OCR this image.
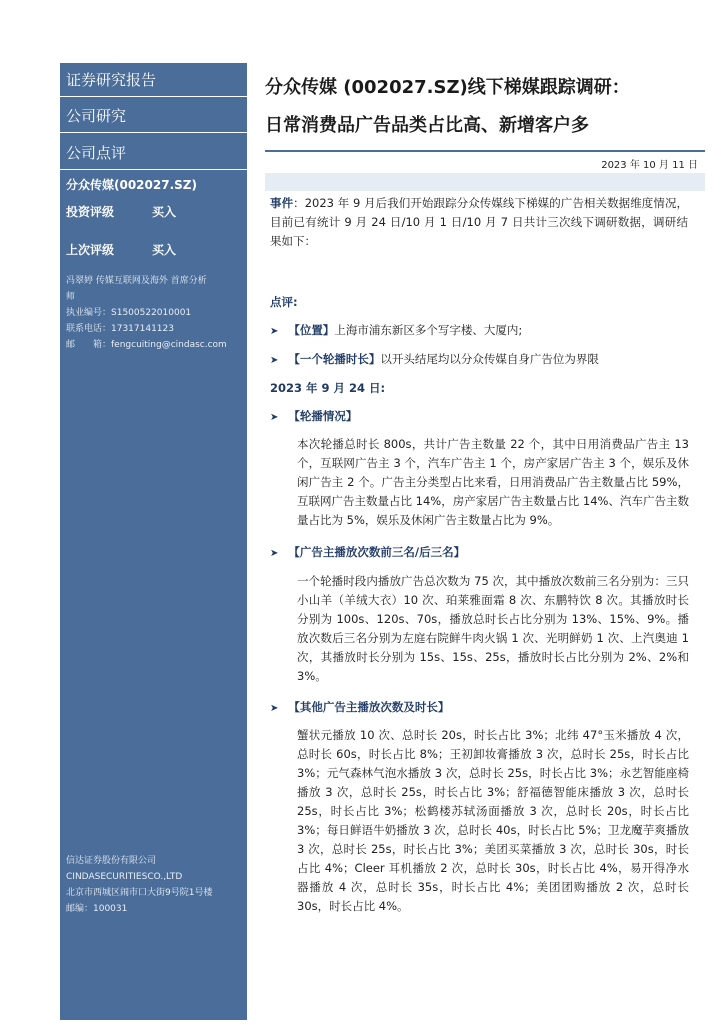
证券研究报告
公司研究
公司点评
分众传媒(002027.SZ)
投资评级	买入
上次评级	买入
冯翠婷 传媒互联网及海外 首席分析
师
执业编号：S1500522010001
联系电话：17317141123
邮　　箱：fengcuiting@cindasc.com
信达证券股份有限公司
CINDASECURITIESCO.,LTD
北京市西城区闹市口大街9号院1号楼
邮编：100031
分众传媒 (002027.SZ)线下梯媒跟踪调研：
日常消费品广告品类占比高、新增客户多
2023 年 10 月 11 日
事件：2023 年 9 月后我们开始跟踪分众传媒线下梯媒的广告相关数据维度情况，目前已有统计 9 月 24 日/10 月 1 日/10 月 7 日共计三次线下调研数据，调研结果如下：
点评:
➤ 【位置】上海市浦东新区多个写字楼、大厦内;
➤ 【一个轮播时长】以开头结尾均以分众传媒自身广告位为界限
2023 年 9 月 24 日:
➤ 【轮播情况】
本次轮播总时长 800s，共计广告主数量 22 个，其中日用消费品广告主 13 个，互联网广告主 3 个，汽车广告主 1 个，房产家居广告主 3 个，娱乐及休闲广告主 2 个。广告主分类型占比来看，日用消费品广告主数量占比 59%，互联网广告主数量占比 14%，房产家居广告主数量占比 14%、汽车广告主数量占比为 5%，娱乐及休闲广告主数量占比为 9%。
➤ 【广告主播放次数前三名/后三名】
一个轮播时段内播放广告总次数为 75 次，其中播放次数前三名分别为：三只小山羊（羊绒大衣）10 次、珀莱雅面霜 8 次、东鹏特饮 8 次。其播放时长分别为 100s、120s、70s，播放总时长占比分别为 13%、15%、9%。播放次数后三名分别为左庭右院鲜牛肉火锅 1 次、光明鲜奶 1 次、上汽奥迪 1 次，其播放时长分别为 15s、15s、25s，播放时长占比分别为 2%、2%和 3%。
➤ 【其他广告主播放次数及时长】
蟹状元播放 10 次、总时长 20s，时长占比 3%；北纬 47°玉米播放 4 次，总时长 60s，时长占比 8%；王初卸妆膏播放 3 次，总时长 25s，时长占比 3%；元气森林气泡水播放 3 次，总时长 25s，时长占比 3%；永艺智能座椅播放 3 次，总时长 25s，时长占比 3%；舒福德智能床播放 3 次，总时长 25s，时长占比 3%；松鹤楼苏轼汤面播放 3 次，总时长 20s，时长占比 3%；每日鲜语牛奶播放 3 次，总时长 40s，时长占比 5%；卫龙魔芋爽播放 3 次，总时长 25s，时长占比 3%；美团买菜播放 3 次，总时长 30s，时长占比 4%；Cleer 耳机播放 2 次，总时长 30s，时长占比 4%，易开得净水器播放 4 次，总时长 35s，时长占比 4%；美团团购播放 2 次，总时长 30s，时长占比 4%。
